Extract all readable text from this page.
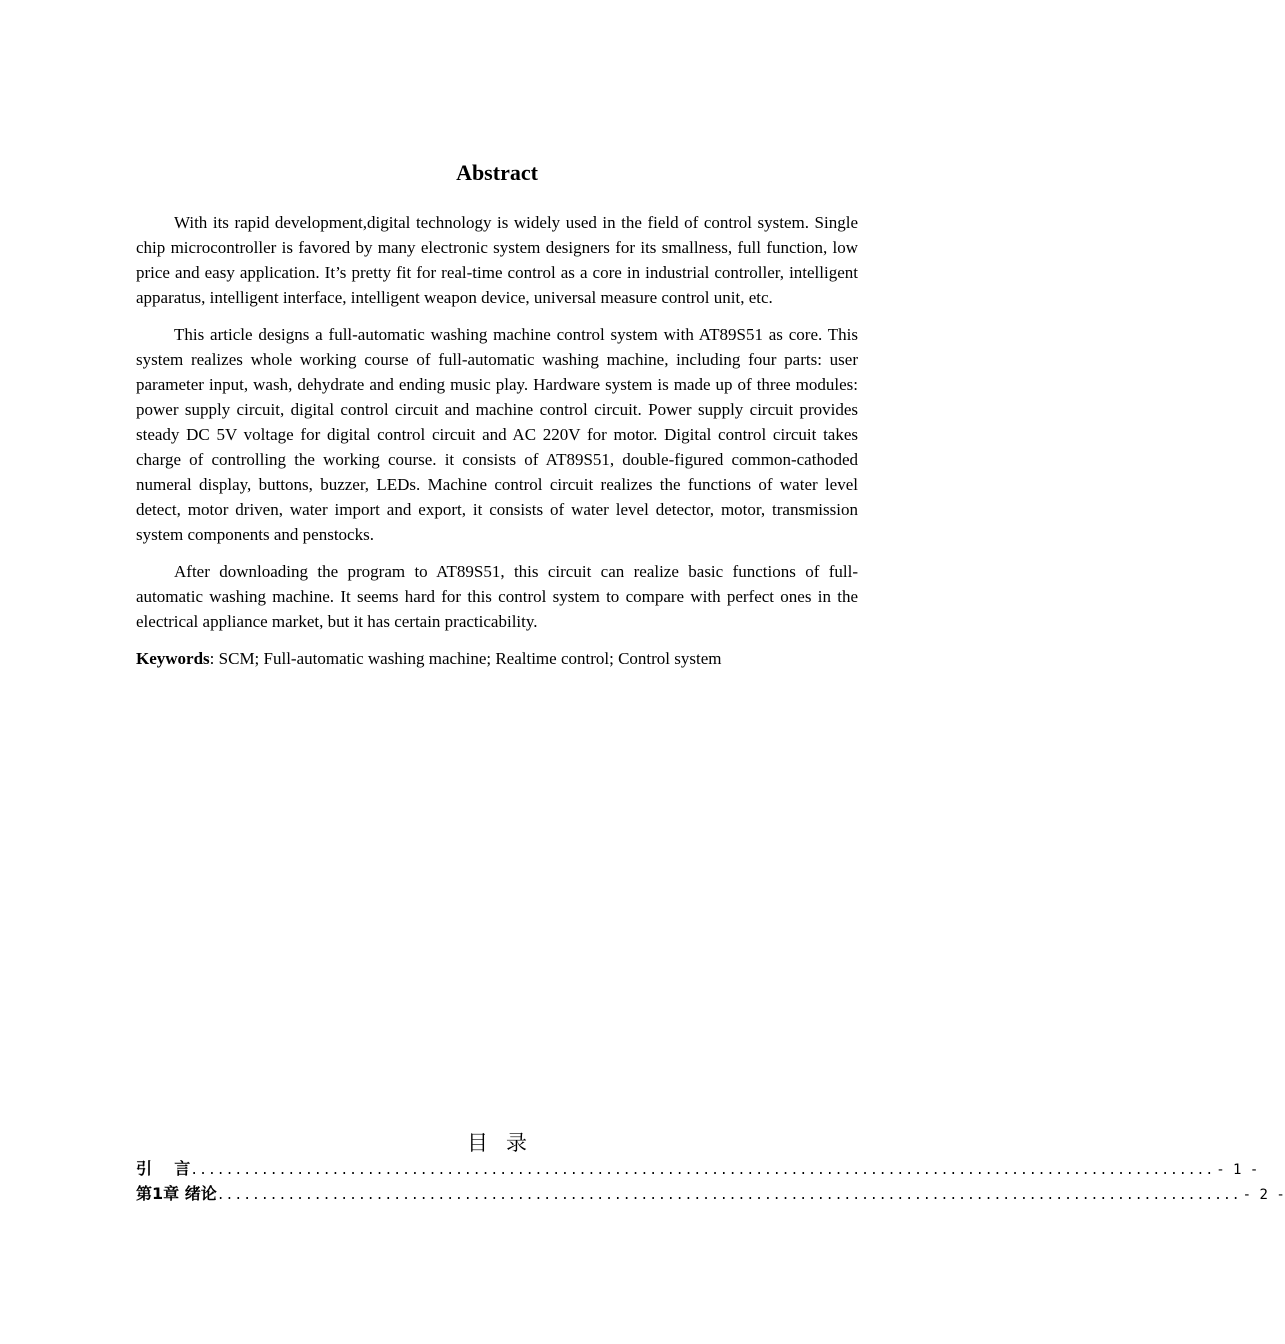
Abstract

With its rapid development,digital technology is widely used in the field of control system. Single chip microcontroller is favored by many electronic system designers for its smallness, full function, low price and easy application. It’s pretty fit for real-time control as a core in industrial controller, intelligent apparatus, intelligent interface, intelligent weapon device, universal measure control unit, etc.

This article designs a full-automatic washing machine control system with AT89S51 as core. This system realizes whole working course of full-automatic washing machine, including four parts: user parameter input, wash, dehydrate and ending music play. Hardware system is made up of three modules: power supply circuit, digital control circuit and machine control circuit. Power supply circuit provides steady DC 5V voltage for digital control circuit and AC 220V for motor. Digital control circuit takes charge of controlling the working course. it consists of AT89S51, double-figured common-cathoded numeral display, buttons, buzzer, LEDs. Machine control circuit realizes the functions of water level detect, motor driven, water import and export, it consists of water level detector, motor, transmission system components and penstocks.

After downloading the program to AT89S51, this circuit can realize basic functions of full-automatic washing machine. It seems hard for this control system to compare with perfect ones in the electrical appliance market, but it has certain practicability.

Keywords: SCM; Full-automatic washing machine; Realtime control; Control system
目录
引    言 .................................................................................................................... - 1 -
第1章 绪论 .................................................................................................................... - 2 -
